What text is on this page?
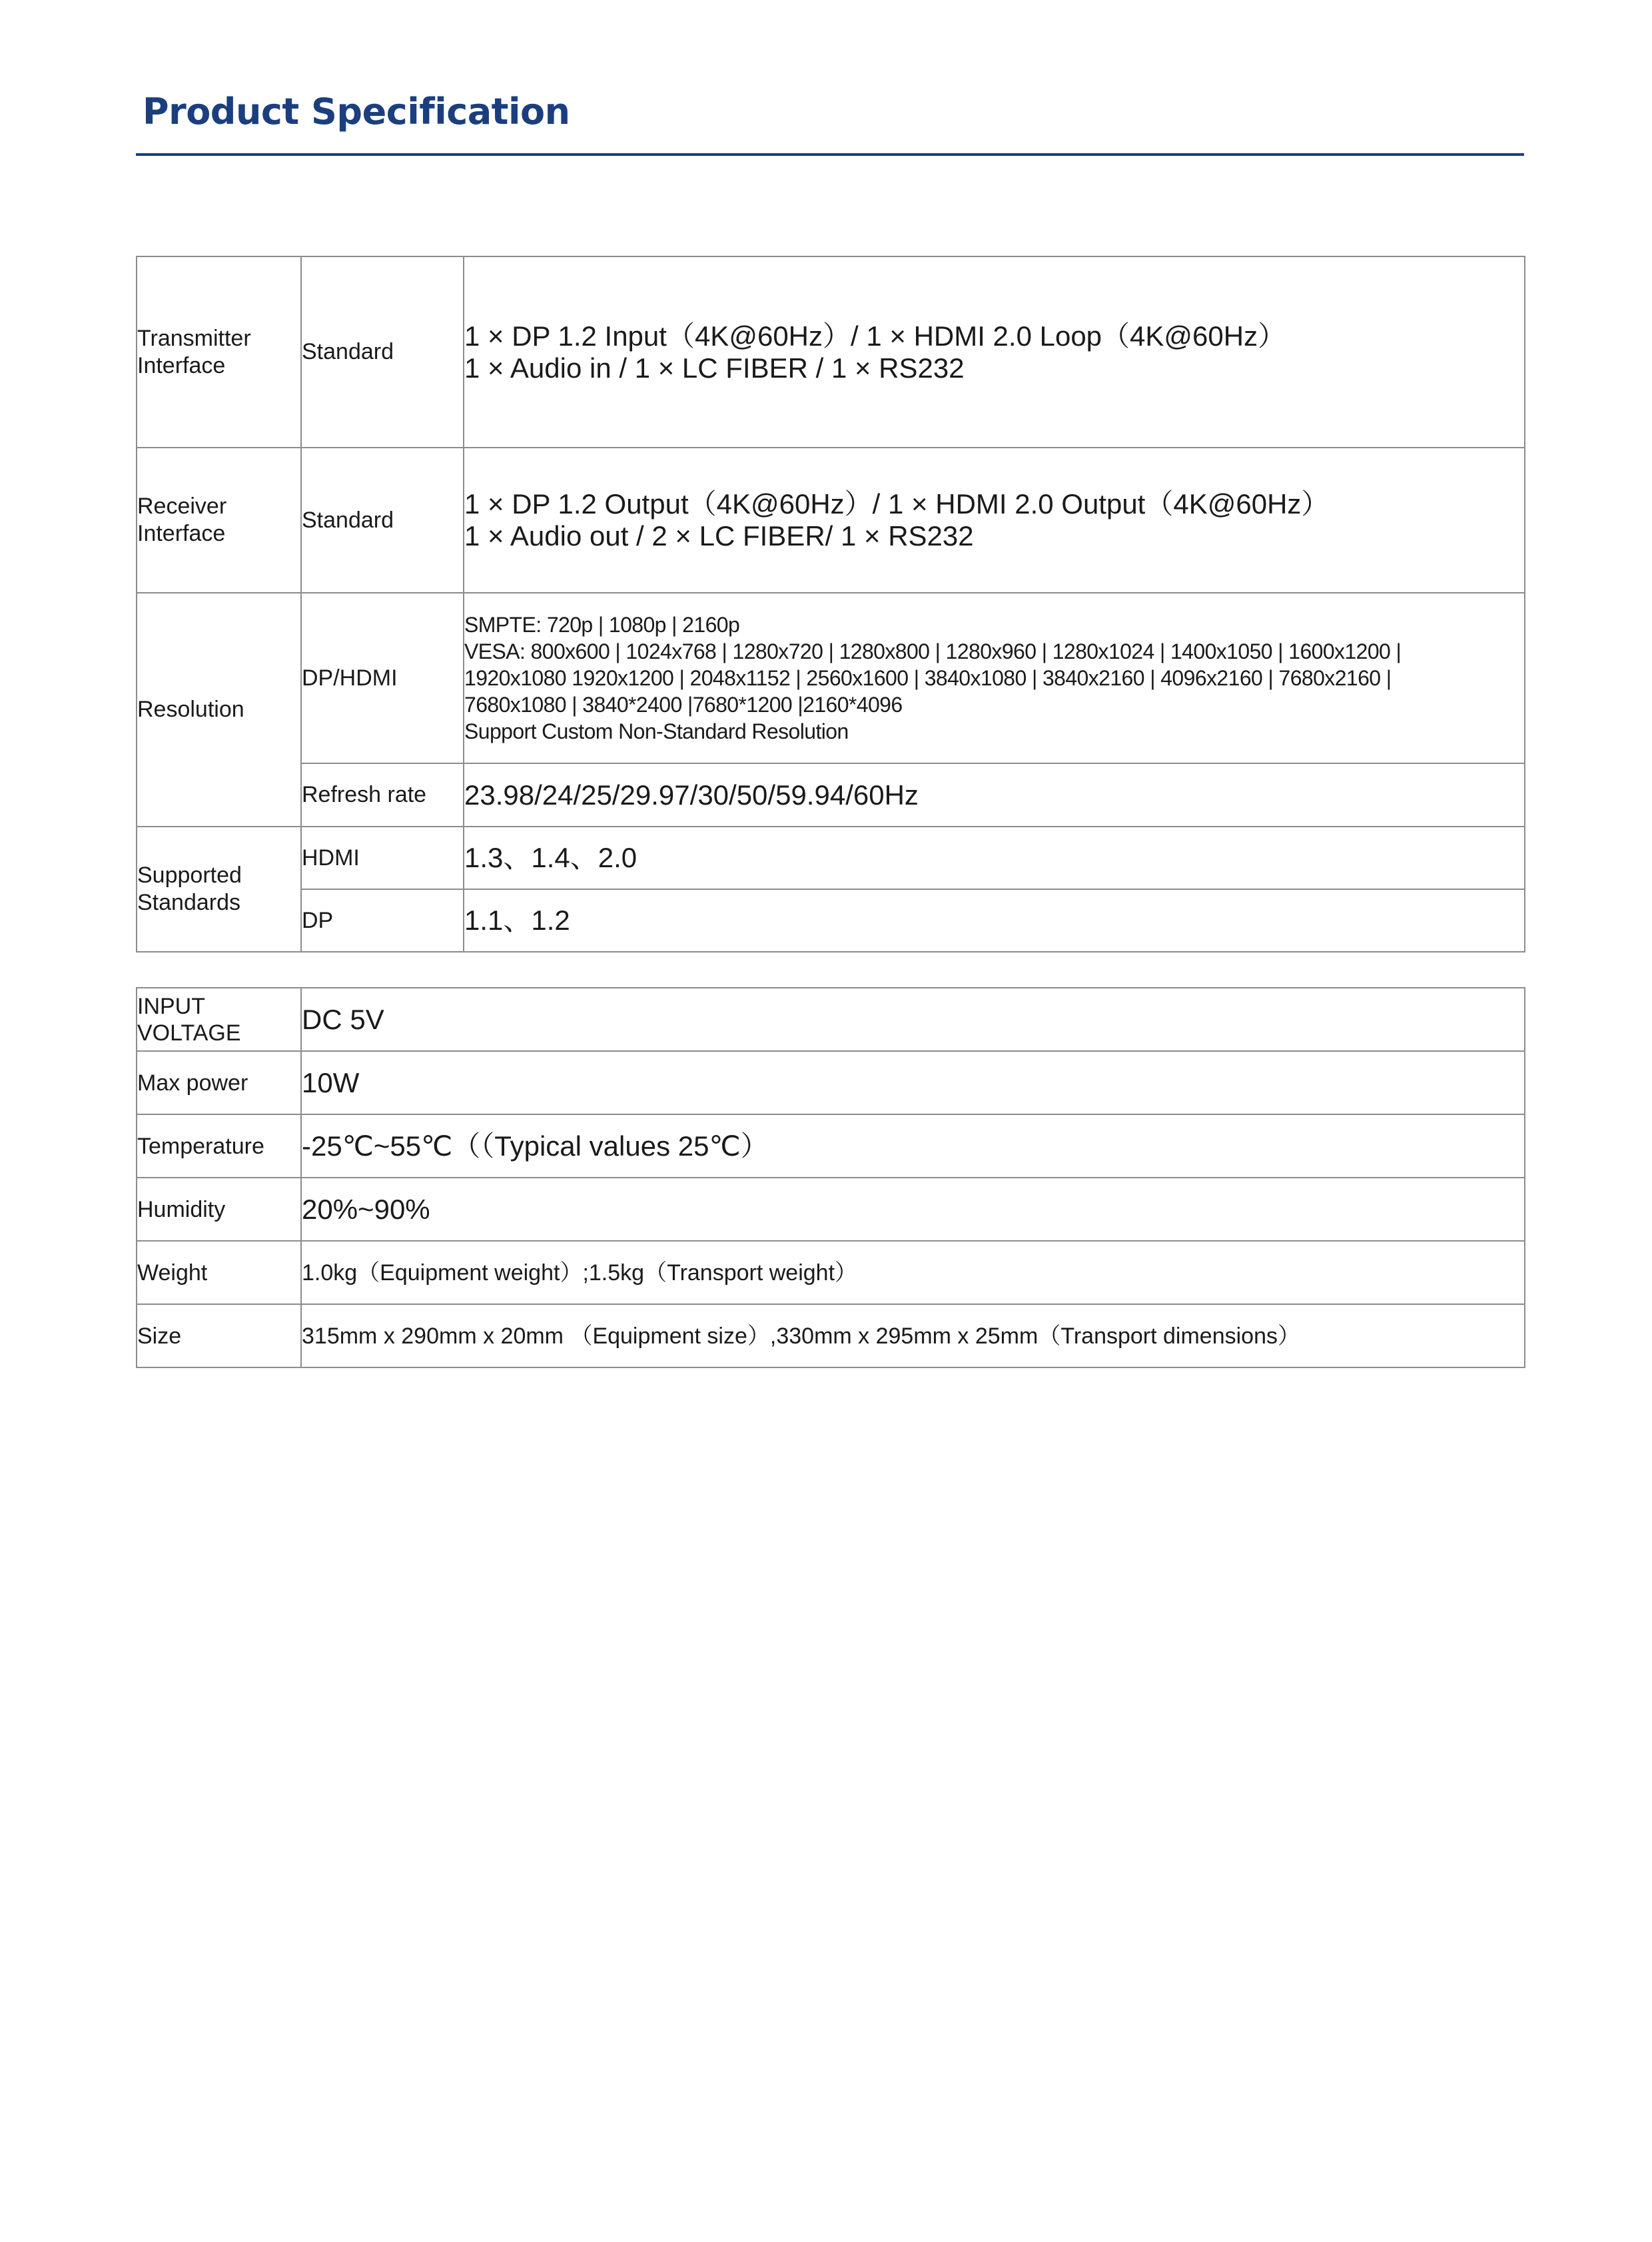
Product Specification
Transmitter
Interface	Standard	1 × DP 1.2 Input（4K@60Hz）/ 1 × HDMI 2.0 Loop（4K@60Hz）
1 × Audio in / 1 × LC FIBER / 1 × RS232

Receiver
Interface	Standard	1 × DP 1.2 Output（4K@60Hz）/ 1 × HDMI 2.0 Output（4K@60Hz）
1 × Audio out / 2 × LC FIBER/ 1 × RS232

Resolution	DP/HDMI	SMPTE: 720p | 1080p | 2160p
VESA: 800x600 | 1024x768 | 1280x720 | 1280x800 | 1280x960 | 1280x1024 | 1400x1050 | 1600x1200 |
1920x1080 1920x1200 | 2048x1152 | 2560x1600 | 3840x1080 | 3840x2160 | 4096x2160 | 7680x2160 |
7680x1080 | 3840*2400 |7680*1200 |2160*4096
Support Custom Non-Standard Resolution

	Refresh rate	23.98/24/25/29.97/30/50/59.94/60Hz

Supported
Standards	HDMI	1.3、1.4、2.0
	DP	1.1、1.2
INPUT
VOLTAGE	DC 5V
Max power	10W
Temperature	-25℃~55℃（（Typical values 25℃）
Humidity	20%~90%
Weight	1.0kg（Equipment weight）;1.5kg（Transport weight）
Size	315mm x 290mm x 20mm （Equipment size）,330mm x 295mm x 25mm（Transport dimensions）
